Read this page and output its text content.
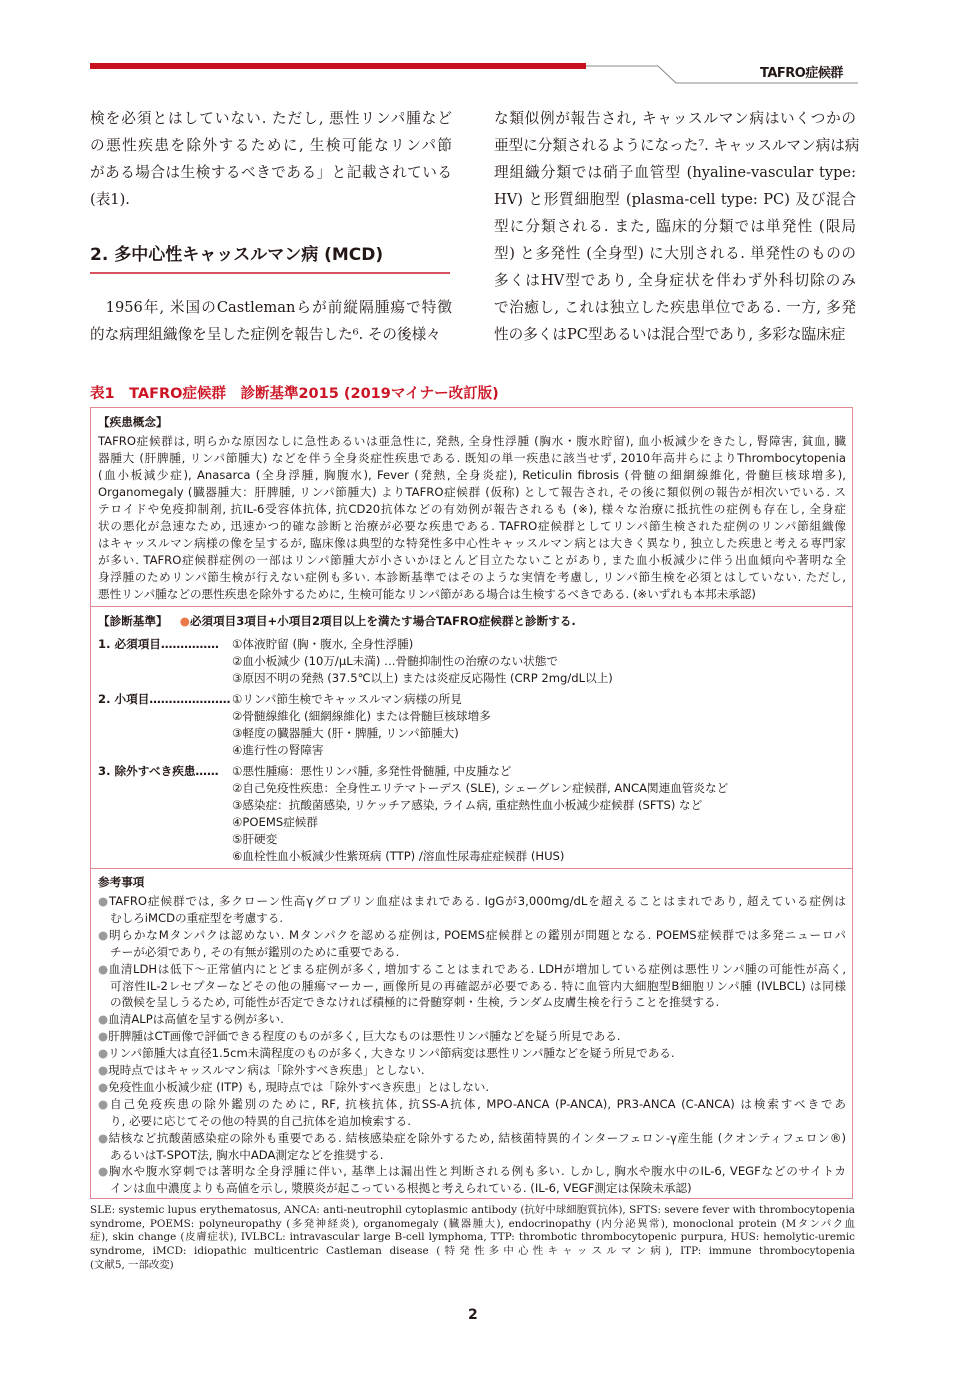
TAFRO症候群
検を必須とはしていない. ただし, 悪性リンパ腫など
の悪性疾患を除外するために, 生検可能なリンパ節
がある場合は生検するべきである」と記載されている
(表1).
2. 多中心性キャッスルマン病 (MCD)
　1956年, 米国のCastlemanらが前縦隔腫瘍で特徴
的な病理組織像を呈した症例を報告した⁶. その後様々
な類似例が報告され, キャッスルマン病はいくつかの
亜型に分類されるようになった⁷. キャッスルマン病は病
理組織分類では硝子血管型 (hyaline-vascular type:
HV) と形質細胞型 (plasma-cell type: PC) 及び混合
型に分類される. また, 臨床的分類では単発性 (限局
型) と多発性 (全身型) に大別される. 単発性のものの
多くはHV型であり, 全身症状を伴わず外科切除のみ
で治癒し, これは独立した疾患単位である. 一方, 多発
性の多くはPC型あるいは混合型であり, 多彩な臨床症
表1　TAFRO症候群　診断基準2015 (2019マイナー改訂版)
【疾患概念】
TAFRO症候群は, 明らかな原因なしに急性あるいは亜急性に, 発熱, 全身性浮腫 (胸水・腹水貯留), 血小板減少をきたし, 腎障害, 貧血, 臓
器腫大 (肝脾腫, リンパ節腫大) などを伴う全身炎症性疾患である. 既知の単一疾患に該当せず, 2010年高井らによりThrombocytopenia
(血小板減少症), Anasarca (全身浮腫, 胸腹水), Fever (発熱, 全身炎症), Reticulin fibrosis (骨髄の細網線維化, 骨髄巨核球増多),
Organomegaly (臓器腫大：肝脾腫, リンパ節腫大) よりTAFRO症候群 (仮称) として報告され, その後に類似例の報告が相次いでいる. ス
テロイドや免疫抑制剤, 抗IL-6受容体抗体, 抗CD20抗体などの有効例が報告されるも (※), 様々な治療に抵抗性の症例も存在し, 全身症
状の悪化が急速なため, 迅速かつ的確な診断と治療が必要な疾患である. TAFRO症候群としてリンパ節生検された症例のリンパ節組織像
はキャッスルマン病様の像を呈するが, 臨床像は典型的な特発性多中心性キャッスルマン病とは大きく異なり, 独立した疾患と考える専門家
が多い. TAFRO症候群症例の一部はリンパ節腫大が小さいかほとんど目立たないことがあり, また血小板減少に伴う出血傾向や著明な全
身浮腫のためリンパ節生検が行えない症例も多い. 本診断基準ではそのような実情を考慮し, リンパ節生検を必須とはしていない. ただし,
悪性リンパ腫などの悪性疾患を除外するために, 生検可能なリンパ節がある場合は生検するべきである. (※いずれも本邦未承認)
【診断基準】 ●必須項目3項目+小項目2項目以上を満たす場合TAFRO症候群と診断する.
1. 必須項目…………… ①体液貯留 (胸・腹水, 全身性浮腫)
②血小板減少 (10万/μL未満) …骨髄抑制性の治療のない状態で
③原因不明の発熱 (37.5℃以上) または炎症反応陽性 (CRP 2mg/dL以上)
2. 小項目………………… ①リンパ節生検でキャッスルマン病様の所見
②骨髄線維化 (細網線維化) または骨髄巨核球増多
③軽度の臓器腫大 (肝・脾腫, リンパ節腫大)
④進行性の腎障害
3. 除外すべき疾患…… ①悪性腫瘍：悪性リンパ腫, 多発性骨髄腫, 中皮腫など
②自己免疫性疾患：全身性エリテマトーデス (SLE), シェーグレン症候群, ANCA関連血管炎など
③感染症：抗酸菌感染, リケッチア感染, ライム病, 重症熱性血小板減少症候群 (SFTS) など
④POEMS症候群
⑤肝硬変
⑥血栓性血小板減少性紫斑病 (TTP) /溶血性尿毒症症候群 (HUS)
参考事項
●TAFRO症候群では, 多クローン性高γグロブリン血症はまれである. IgGが3,000mg/dLを超えることはまれであり, 超えている症例は
むしろiMCDの重症型を考慮する.
●明らかなMタンパクは認めない. Mタンパクを認める症例は, POEMS症候群との鑑別が問題となる. POEMS症候群では多発ニューロパ
チーが必須であり, その有無が鑑別のために重要である.
●血清LDHは低下～正常値内にとどまる症例が多く, 増加することはまれである. LDHが増加している症例は悪性リンパ腫の可能性が高く,
可溶性IL-2レセプターなどその他の腫瘍マーカー, 画像所見の再確認が必要である. 特に血管内大細胞型B細胞リンパ腫 (IVLBCL) は同様
の徴候を呈しうるため, 可能性が否定できなければ積極的に骨髄穿刺・生検, ランダム皮膚生検を行うことを推奨する.
●血清ALPは高値を呈する例が多い.
●肝脾腫はCT画像で評価できる程度のものが多く, 巨大なものは悪性リンパ腫などを疑う所見である.
●リンパ節腫大は直径1.5cm未満程度のものが多く, 大きなリンパ節病変は悪性リンパ腫などを疑う所見である.
●現時点ではキャッスルマン病は「除外すべき疾患」としない.
●免疫性血小板減少症 (ITP) も, 現時点では「除外すべき疾患」とはしない.
●自己免疫疾患の除外鑑別のために, RF, 抗核抗体, 抗SS-A抗体, MPO-ANCA (P-ANCA), PR3-ANCA (C-ANCA) は検索すべきであ
り, 必要に応じてその他の特異的自己抗体を追加検索する.
●結核など抗酸菌感染症の除外も重要である. 結核感染症を除外するため, 結核菌特異的インターフェロン-γ産生能 (クオンティフェロン®)
あるいはT-SPOT法, 胸水中ADA測定などを推奨する.
●胸水や腹水穿刺では著明な全身浮腫に伴い, 基準上は漏出性と判断される例も多い. しかし, 胸水や腹水中のIL-6, VEGFなどのサイトカ
インは血中濃度よりも高値を示し, 漿膜炎が起こっている根拠と考えられている. (IL-6, VEGF測定は保険未承認)
SLE: systemic lupus erythematosus, ANCA: anti-neutrophil cytoplasmic antibody (抗好中球細胞質抗体), SFTS: severe fever with thrombocytopenia
syndrome, POEMS: polyneuropathy (多発神経炎), organomegaly (臓器腫大), endocrinopathy (内分泌異常), monoclonal protein (Mタンパク血
症), skin change (皮膚症状), IVLBCL: intravascular large B-cell lymphoma, TTP: thrombotic thrombocytopenic purpura, HUS: hemolytic-uremic
syndrome, iMCD: idiopathic multicentric Castleman disease (特発性多中心性キャッスルマン病), ITP: immune thrombocytopenia
(文献5, 一部改変)
2
